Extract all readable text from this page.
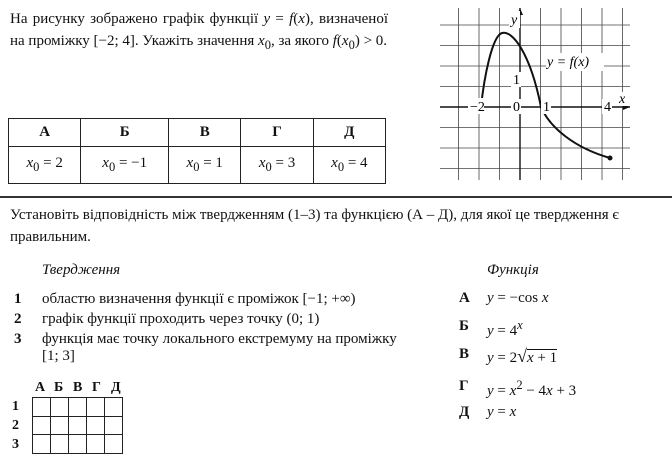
На рисунку зображено графік функції y = f(x), визначеної на проміжку [−2; 4]. Укажіть значення $x_0$, за якого $f(x_0) > 0$.
А	Б	В	Г	Д
$x_0 = 2$	$x_0 = -1$	$x_0 = 1$	$x_0 = 3$	$x_0 = 4$
y
x
y = f(x)
−2 0 1	4
1
Установіть відповідність між твердженням (1–3) та функцією (А – Д), для якої це твердження є правильним.
Твердження	Функція
1 областю визначення функції є проміжок [−1; +∞)
2 графік функції проходить через точку (0; 1)
3 функція має точку локального екстремуму на проміжку [1; 3]
А y = −cos x
Б $y = 4^x$
В y = 2√x + 1
Г $y = x^2 - 4x + 3$
Д y = x
А Б В Г Д
1
2
3
